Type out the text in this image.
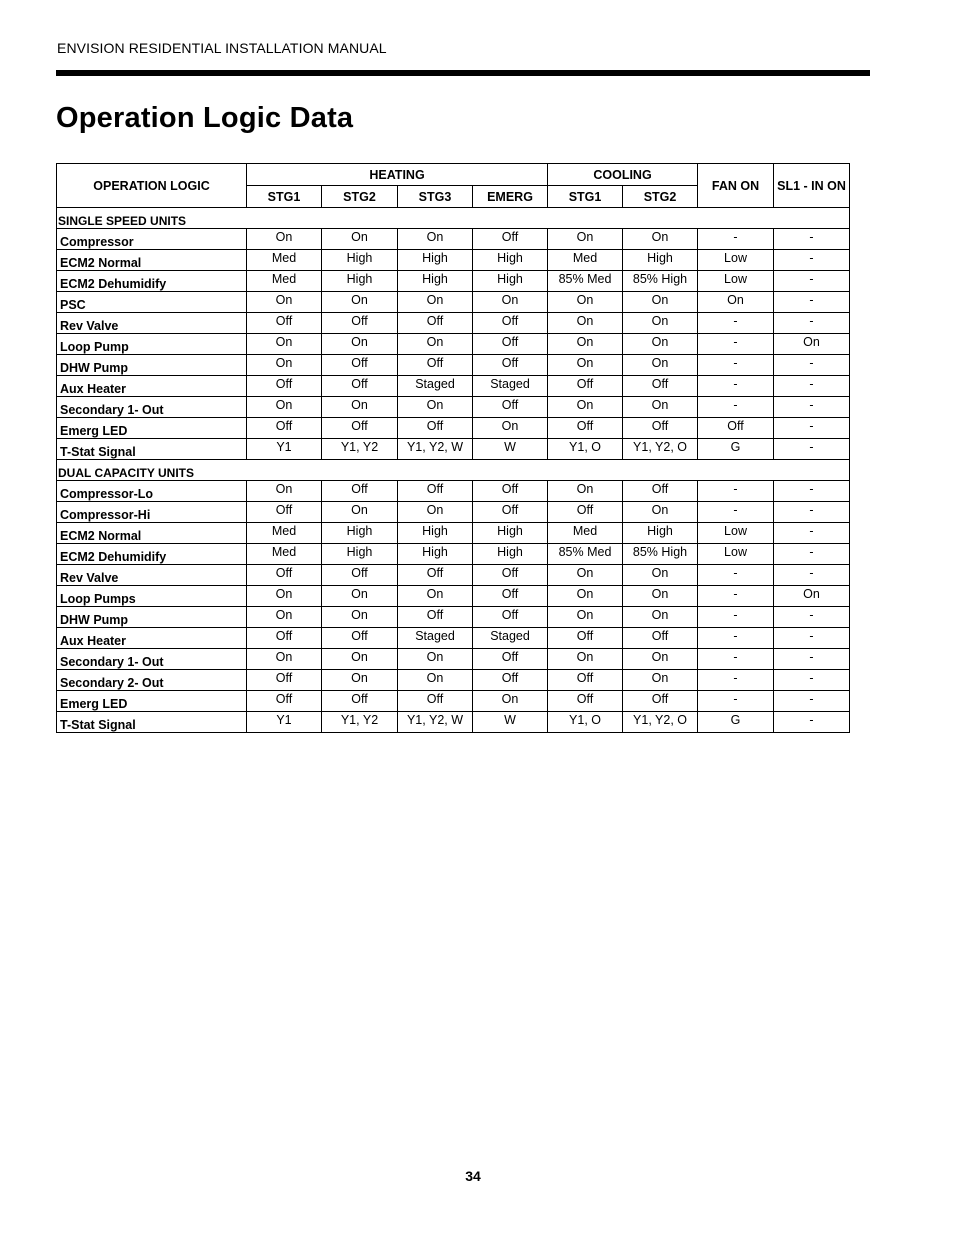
ENVISION RESIDENTIAL INSTALLATION MANUAL
Operation Logic Data
OPERATION LOGIC	HEATING				COOLING		FAN ON	SL1 - IN ON
	STG1	STG2	STG3	EMERG	STG1	STG2		
SINGLE SPEED UNITS								
Compressor	On	On	On	Off	On	On	-	-
ECM2 Normal	Med	High	High	High	Med	High	Low	-
ECM2 Dehumidify	Med	High	High	High	85% Med	85% High	Low	-
PSC	On	On	On	On	On	On	On	-
Rev Valve	Off	Off	Off	Off	On	On	-	-
Loop Pump	On	On	On	Off	On	On	-	On
DHW Pump	On	Off	Off	Off	On	On	-	-
Aux Heater	Off	Off	Staged	Staged	Off	Off	-	-
Secondary 1- Out	On	On	On	Off	On	On	-	-
Emerg LED	Off	Off	Off	On	Off	Off	Off	-
T-Stat Signal	Y1	Y1, Y2	Y1, Y2, W	W	Y1, O	Y1, Y2, O	G	-
DUAL CAPACITY UNITS								
Compressor-Lo	On	Off	Off	Off	On	Off	-	-
Compressor-Hi	Off	On	On	Off	Off	On	-	-
ECM2 Normal	Med	High	High	High	Med	High	Low	-
ECM2 Dehumidify	Med	High	High	High	85% Med	85% High	Low	-
Rev Valve	Off	Off	Off	Off	On	On	-	-
Loop Pumps	On	On	On	Off	On	On	-	On
DHW Pump	On	On	Off	Off	On	On	-	-
Aux Heater	Off	Off	Staged	Staged	Off	Off	-	-
Secondary 1- Out	On	On	On	Off	On	On	-	-
Secondary 2- Out	Off	On	On	Off	Off	On	-	-
Emerg LED	Off	Off	Off	On	Off	Off	-	-
T-Stat Signal	Y1	Y1, Y2	Y1, Y2, W	W	Y1, O	Y1, Y2, O	G	-
34
